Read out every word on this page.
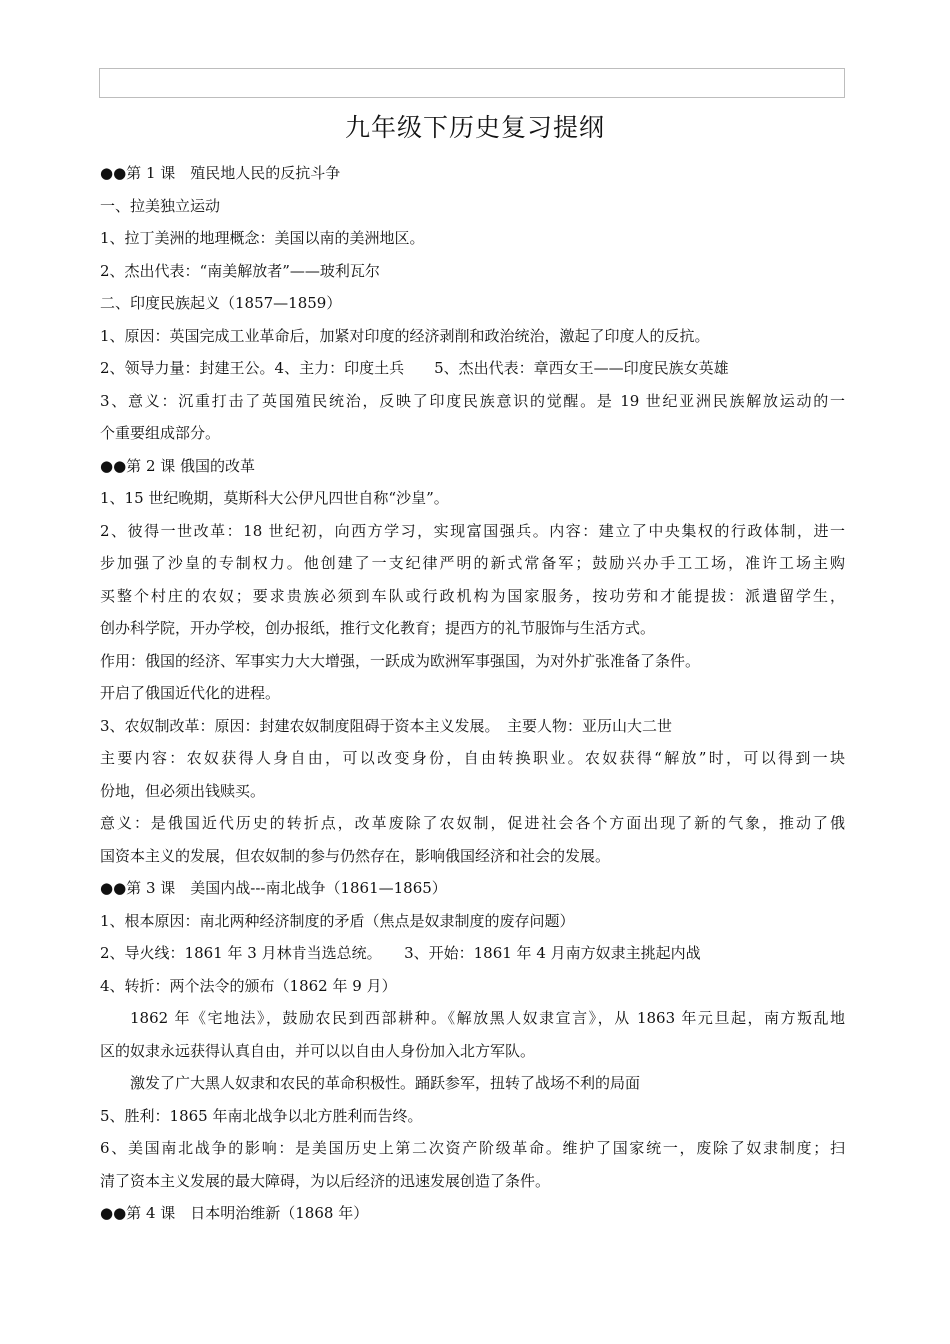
九年级下历史复习提纲
●●第 1 课　殖民地人民的反抗斗争
一、拉美独立运动
1、拉丁美洲的地理概念：美国以南的美洲地区。
2、杰出代表：“南美解放者”——玻利瓦尔
二、印度民族起义（1857—1859）
1、原因：英国完成工业革命后，加紧对印度的经济剥削和政治统治，激起了印度人的反抗。
2、领导力量：封建王公。4、主力：印度土兵　　5、杰出代表：章西女王——印度民族女英雄
3、意义：沉重打击了英国殖民统治，反映了印度民族意识的觉醒。是 19 世纪亚洲民族解放运动的一
个重要组成部分。
●●第 2 课 俄国的改革
1、15 世纪晚期，莫斯科大公伊凡四世自称“沙皇”。
2、彼得一世改革：18 世纪初，向西方学习，实现富国强兵。内容：建立了中央集权的行政体制，进一
步加强了沙皇的专制权力。他创建了一支纪律严明的新式常备军；鼓励兴办手工工场，准许工场主购
买整个村庄的农奴；要求贵族必须到车队或行政机构为国家服务，按功劳和才能提拔：派遣留学生，
创办科学院，开办学校，创办报纸，推行文化教育；提西方的礼节服饰与生活方式。
作用：俄国的经济、军事实力大大增强，一跃成为欧洲军事强国，为对外扩张准备了条件。
开启了俄国近代化的进程。
3、农奴制改革：原因：封建农奴制度阻碍于资本主义发展。　主要人物：亚历山大二世
主要内容：农奴获得人身自由，可以改变身份，自由转换职业。农奴获得“解放”时，可以得到一块
份地，但必须出钱赎买。
意义：是俄国近代历史的转折点，改革废除了农奴制，促进社会各个方面出现了新的气象，推动了俄
国资本主义的发展，但农奴制的参与仍然存在，影响俄国经济和社会的发展。
●●第 3 课　美国内战---南北战争（1861—1865）
1、根本原因：南北两种经济制度的矛盾（焦点是奴隶制度的废存问题）
2、导火线：1861 年 3 月林肯当选总统。　　3、开始：1861 年 4 月南方奴隶主挑起内战
4、转折：两个法令的颁布（1862 年 9 月）
1862 年《宅地法》，鼓励农民到西部耕种。《解放黑人奴隶宣言》，从 1863 年元旦起，南方叛乱地
区的奴隶永远获得认真自由，并可以以自由人身份加入北方军队。
激发了广大黑人奴隶和农民的革命积极性。踊跃参军，扭转了战场不利的局面
5、胜利：1865 年南北战争以北方胜利而告终。
6、美国南北战争的影响：是美国历史上第二次资产阶级革命。维护了国家统一，废除了奴隶制度；扫
清了资本主义发展的最大障碍，为以后经济的迅速发展创造了条件。
●●第 4 课　日本明治维新（1868 年）
